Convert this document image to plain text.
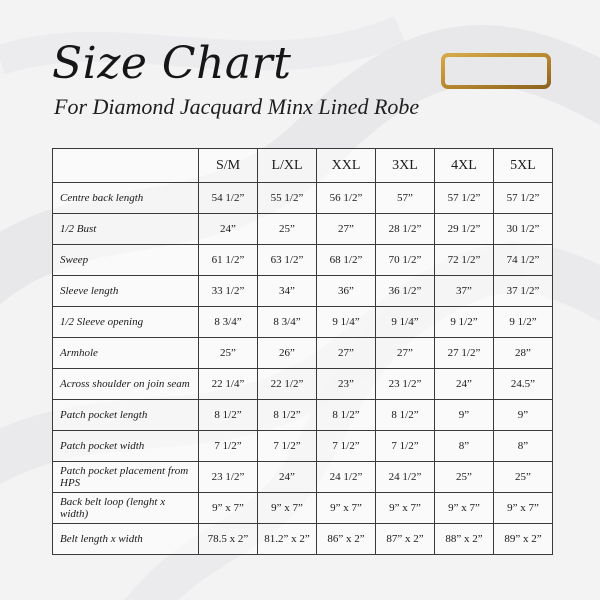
Size Chart
For Diamond Jacquard Minx Lined Robe
	S/M	L/XL	XXL	3XL	4XL	5XL
Centre back length	54 1/2”	55 1/2”	56 1/2”	57”	57 1/2”	57 1/2”
1/2 Bust	24”	25”	27”	28 1/2”	29 1/2”	30 1/2”
Sweep	61 1/2”	63 1/2”	68 1/2”	70 1/2”	72 1/2”	74 1/2”
Sleeve length	33 1/2”	34”	36”	36 1/2”	37”	37 1/2”
1/2 Sleeve opening	8 3/4”	8 3/4”	9 1/4”	9 1/4”	9 1/2”	9 1/2”
Armhole	25”	26”	27”	27”	27 1/2”	28”
Across shoulder on join seam	22 1/4”	22 1/2”	23”	23 1/2”	24”	24.5”
Patch pocket length	8 1/2”	8 1/2”	8 1/2”	8 1/2”	9”	9”
Patch pocket width	7 1/2”	7 1/2”	7 1/2”	7 1/2”	8”	8”
Patch pocket placement from HPS	23 1/2”	24”	24 1/2”	24 1/2”	25”	25”
Back belt loop (lenght x width)	9” x 7”	9” x 7”	9” x 7”	9” x 7”	9” x 7”	9” x 7”
Belt length x width	78.5 x 2”	81.2” x 2”	86” x 2”	87” x 2”	88” x 2”	89” x 2”
